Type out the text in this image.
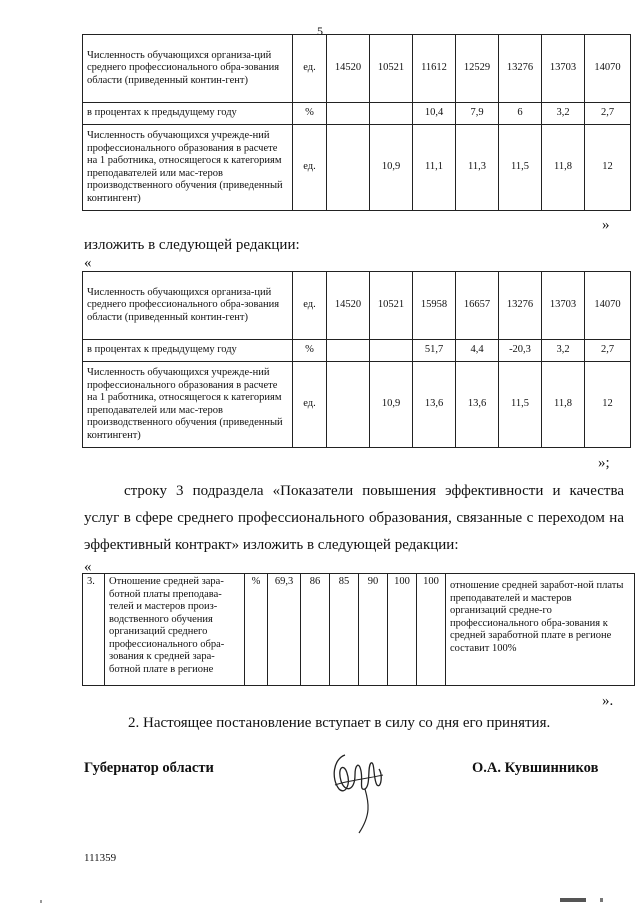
5
Численность обучающихся организа-ций среднего профессионального обра-зования области (приведенный контин-гент)	ед.	14520	10521	11612	12529	13276	13703	14070
в процентах к предыдущему году	%			10,4	7,9	6	3,2	2,7
Численность обучающихся учрежде-ний профессионального образования в расчете на 1 работника, относящегося к категориям преподавателей или мас-теров производственного обучения (приведенный контингент)	ед.		10,9	11,1	11,3	11,5	11,8	12
»
изложить в следующей редакции:
«
Численность обучающихся организа-ций среднего профессионального обра-зования области (приведенный контин-гент)	ед.	14520	10521	15958	16657	13276	13703	14070
в процентах к предыдущему году	%			51,7	4,4	-20,3	3,2	2,7
Численность обучающихся учрежде-ний профессионального образования в расчете на 1 работника, относящегося к категориям преподавателей или мас-теров производственного обучения (приведенный контингент)	ед.		10,9	13,6	13,6	11,5	11,8	12
»;
строку 3 подраздела «Показатели повышения эффективности и качества услуг в сфере среднего профессионального образования, связанные с переходом на эффективный контракт» изложить в следующей редакции:
«
3.	Отношение средней зара-ботной платы преподава-телей и мастеров произ-водственного обучения организаций среднего профессионального обра-зования к средней зара-ботной плате в регионе	%	69,3	86	85	90	100	100	отношение средней заработ-ной платы преподавателей и мастеров организаций средне-го профессионального обра-зования к средней заработной плате в регионе составит 100%
».
2. Настоящее постановление вступает в силу со дня его принятия.
Губернатор области	О.А. Кувшинников
111359
